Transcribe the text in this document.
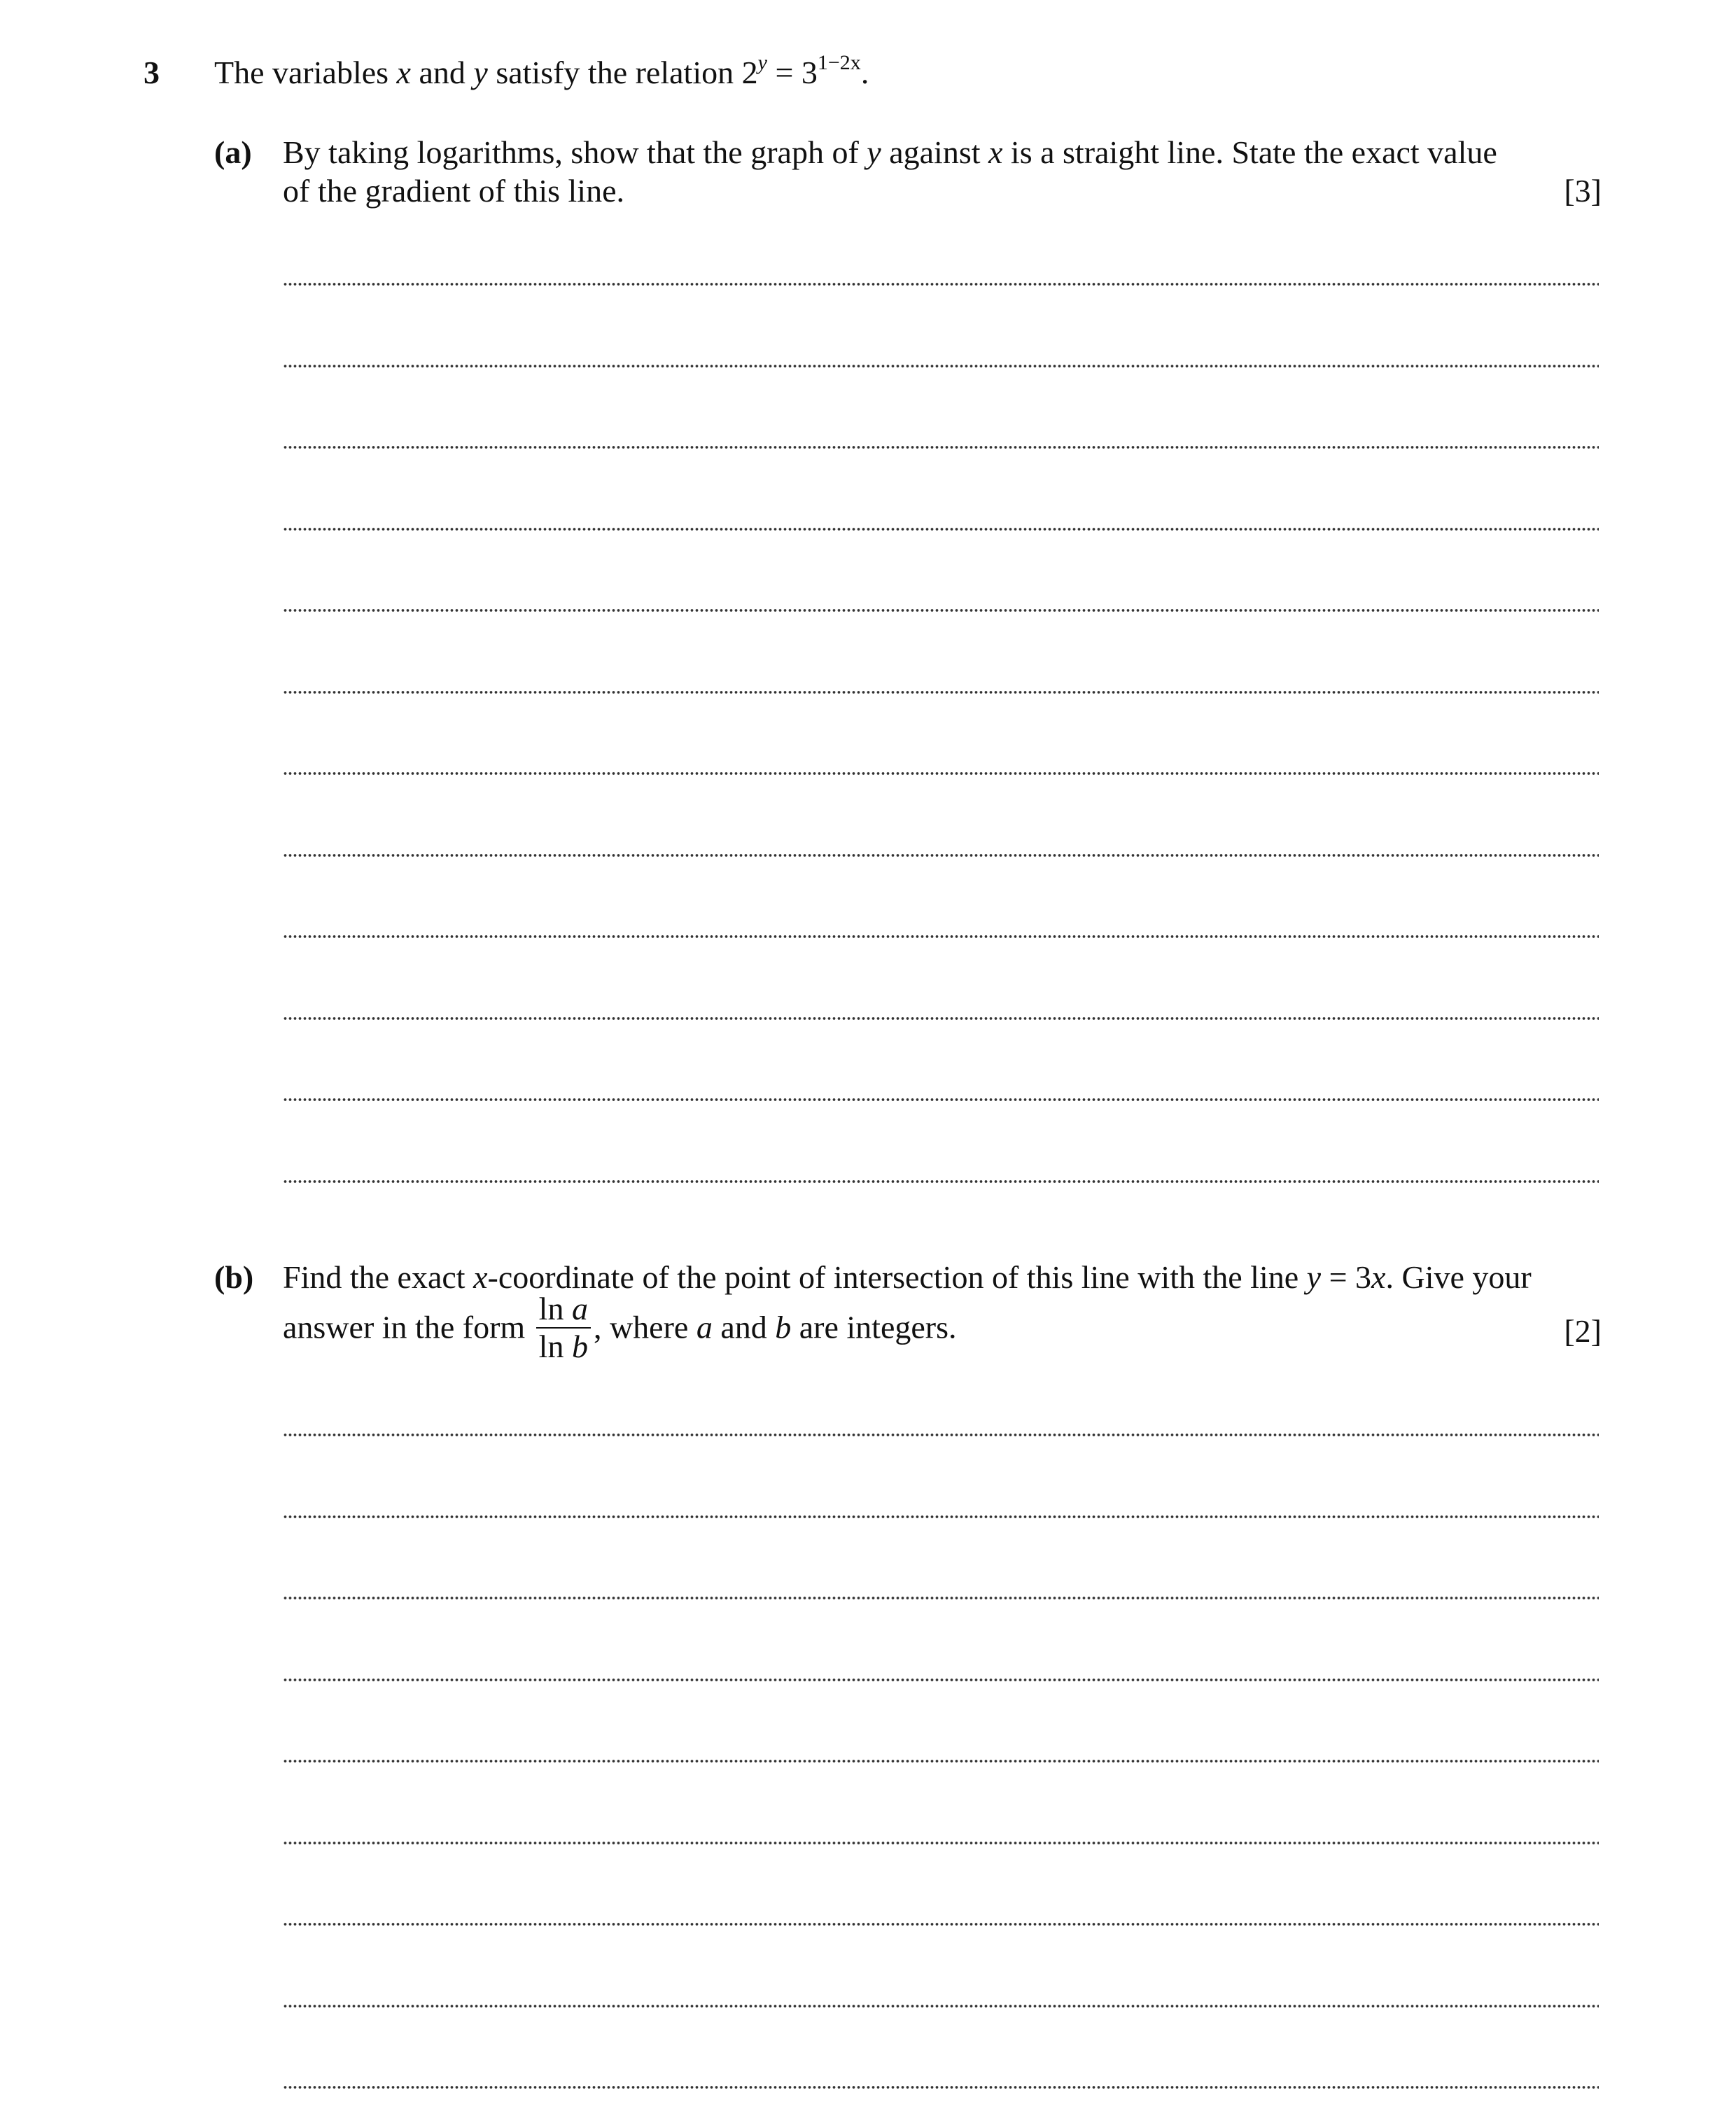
3 The variables x and y satisfy the relation $2^y = 3^{1-2x}$.
(a) By taking logarithms, show that the graph of y against x is a straight line. State the exact value
of the gradient of this line.	[3]
(b) Find the exact x-coordinate of the point of intersection of this line with the line y = 3x. Give your
answer in the form $\frac{\text{ln a}}{\text{ln b}}$ , where a and b are integers.	[2]
